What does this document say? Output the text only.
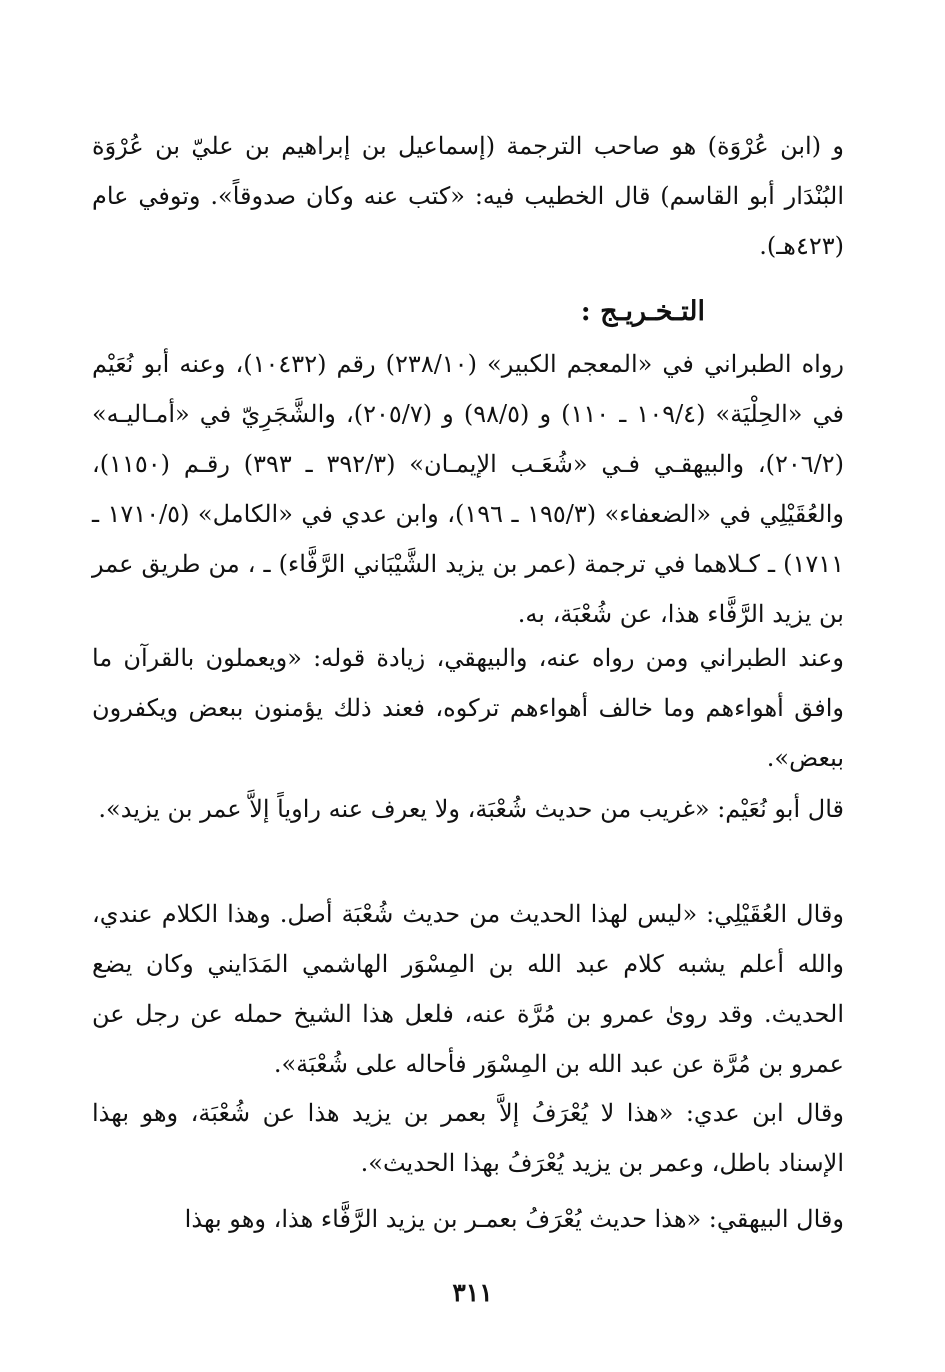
و (ابن عُرْوَة) هو صاحب الترجمة (إسماعيل بن إبراهيم بن عليّ بن عُرْوَة البُنْدَار أبو القاسم) قال الخطيب فيه: «كتب عنه وكان صدوقاً». وتوفي عام (٤٢٣هـ).

التـخـريـج :

رواه الطبراني في «المعجم الكبير» (٢٣٨/١٠) رقم (١٠٤٣٢)، وعنه أبو نُعَيْم في «الحِلْيَة» (١٠٩/٤ ـ ١١٠) و (٩٨/٥) و (٢٠٥/٧)، والشَّجَرِيّ في «أمـاليـه» (٢٠٦/٢)، والبيهقـي فـي «شُعَـب الإيمـان» (٣٩٢/٣ ـ ٣٩٣) رقـم (١١٥٠)، والعُقَيْلِي في «الضعفاء» (١٩٥/٣ ـ ١٩٦)، وابن عدي في «الكامل» (١٧١٠/٥ ـ ١٧١١) ـ كـلاهما في ترجمة (عمر بن يزيد الشَّيْبَاني الرَّفَّاء) ـ ، من طريق عمر بن يزيد الرَّفَّاء هذا، عن شُعْبَة، به.

وعند الطبراني ومن رواه عنه، والبيهقي، زيادة قوله: «ويعملون بالقرآن ما وافق أهواءهم وما خالف أهواءهم تركوه، فعند ذلك يؤمنون ببعض ويكفرون ببعض».

قال أبو نُعَيْم: «غريب من حديث شُعْبَة، ولا يعرف عنه راوياً إلاَّ عمر بن يزيد».

وقال العُقَيْلِي: «ليس لهذا الحديث من حديث شُعْبَة أصل. وهذا الكلام عندي، والله أعلم يشبه كلام عبد الله بن المِسْوَر الهاشمي المَدَايني وكان يضع الحديث. وقد روىٰ عمرو بن مُرَّة عنه، فلعل هذا الشيخ حمله عن رجل عن عمرو بن مُرَّة عن عبد الله بن المِسْوَر فأحاله على شُعْبَة».

وقال ابن عدي: «هذا لا يُعْرَفُ إلاَّ بعمر بن يزيد هذا عن شُعْبَة، وهو بهذا الإسناد باطل، وعمر بن يزيد يُعْرَفُ بهذا الحديث».

وقال البيهقي: «هذا حديث يُعْرَفُ بعمـر بن يزيد الرَّفَّاء هذا، وهو بهذا

٣١١
